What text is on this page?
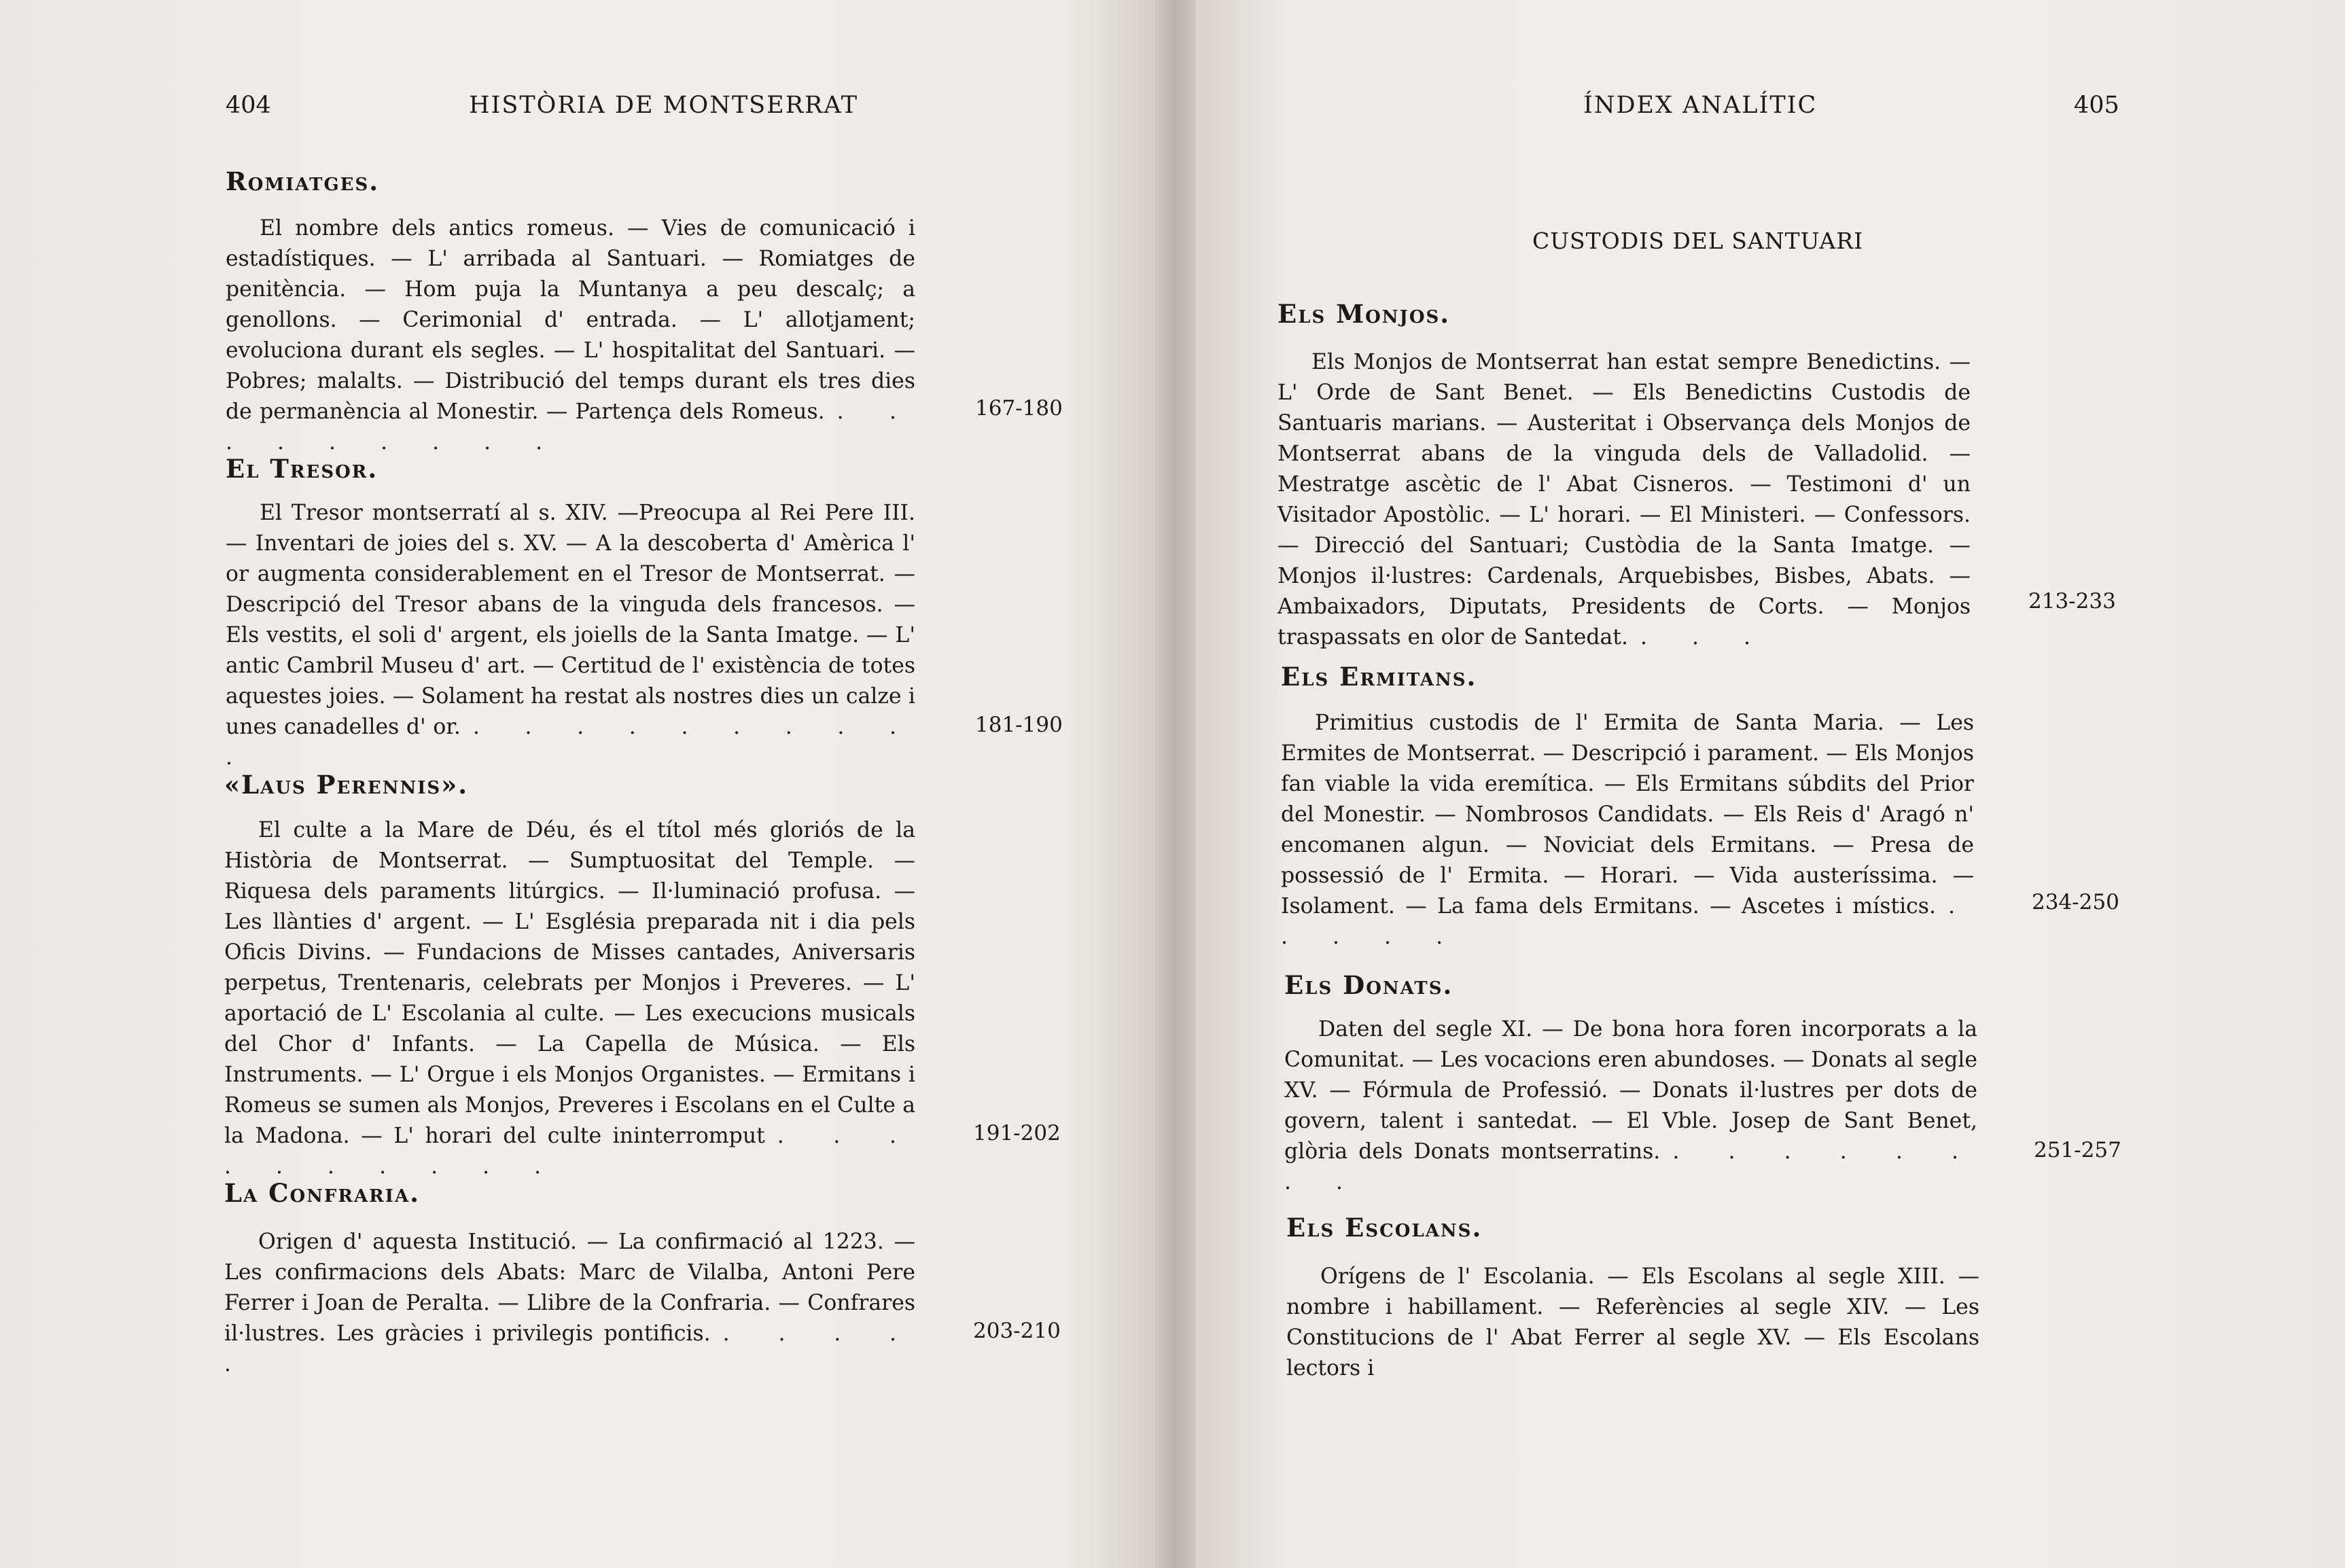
404	HISTÒRIA DE MONTSERRAT
Romiatges.

El nombre dels antics romeus. — Vies de comunicació i estadístiques. — L' arribada al Santuari. — Romiatges de penitència. — Hom puja la Muntanya a peu descalç; a genollons. — Cerimonial d' entrada. — L' allotjament; evoluciona durant els segles. — L' hospitalitat del Santuari. — Pobres; malalts. — Distribució del temps durant els tres dies de permanència al Monestir. — Partença dels Romeus. . . . . . . . . .

167-180
El Tresor.

El Tresor montserratí al s. XIV. —Preocupa al Rei Pere III. — Inventari de joies del s. XV. — A la descoberta d' Amèrica l' or augmenta considerablement en el Tresor de Montserrat. — Descripció del Tresor abans de la vinguda dels francesos. — Els vestits, el soli d' argent, els joiells de la Santa Imatge. — L' antic Cambril Museu d' art. — Certitud de l' existència de totes aquestes joies. — Solament ha restat als nostres dies un calze i unes canadelles d' or. . . . . . . . . . .

181-190
«Laus Perennis».

El culte a la Mare de Déu, és el títol més gloriós de la Història de Montserrat. — Sumptuositat del Temple. — Riquesa dels paraments litúrgics. — Il·luminació profusa. — Les llànties d' argent. — L' Església preparada nit i dia pels Oficis Divins. — Fundacions de Misses cantades, Aniversaris perpetus, Trentenaris, celebrats per Monjos i Preveres. — L' aportació de L' Escolania al culte. — Les execucions musicals del Chor d' Infants. — La Capella de Música. — Els Instruments. — L' Orgue i els Monjos Organistes. — Ermitans i Romeus se sumen als Monjos, Preveres i Escolans en el Culte a la Madona. — L' horari del culte ininterromput . . . . . . . . . .

191-202
La Confraria.

Origen d' aquesta Institució. — La confirmació al 1223. — Les confirmacions dels Abats: Marc de Vilalba, Antoni Pere Ferrer i Joan de Peralta. — Llibre de la Confraria. — Confrares il·lustres. Les gràcies i privilegis pontificis. . . . . .

203-210
ÍNDEX ANALÍTIC	405
CUSTODIS DEL SANTUARI
Els Monjos.

Els Monjos de Montserrat han estat sempre Benedictins. — L' Orde de Sant Benet. — Els Benedictins Custodis de Santuaris marians. — Austeritat i Observança dels Monjos de Montserrat abans de la vinguda dels de Valladolid. — Mestratge ascètic de l' Abat Cisneros. — Testimoni d' un Visitador Apostòlic. — L' horari. — El Ministeri. — Confessors. — Direcció del Santuari; Custòdia de la Santa Imatge. — Monjos il·lustres: Cardenals, Arquebisbes, Bisbes, Abats. — Ambaixadors, Diputats, Presidents de Corts. — Monjos traspassats en olor de Santedat. . . .

213-233
Els Ermitans.

Primitius custodis de l' Ermita de Santa Maria. — Les Ermites de Montserrat. — Descripció i parament. — Els Monjos fan viable la vida eremítica. — Els Ermitans súbdits del Prior del Monestir. — Nombrosos Candidats. — Els Reis d' Aragó n' encomanen algun. — Noviciat dels Ermitans. — Presa de possessió de l' Ermita. — Horari. — Vida austeríssima. — Isolament. — La fama dels Ermitans. — Ascetes i místics. . . . . .

234-250
Els Donats.

Daten del segle XI. — De bona hora foren incorporats a la Comunitat. — Les vocacions eren abundoses. — Donats al segle XV. — Fórmula de Professió. — Donats il·lustres per dots de govern, talent i santedat. — El Vble. Josep de Sant Benet, glòria dels Donats montserratins. . . . . . . . .

251-257
Els Escolans.

Orígens de l' Escolania. — Els Escolans al segle XIII. — nombre i habillament. — Referències al segle XIV. — Les Constitucions de l' Abat Ferrer al segle XV. — Els Escolans lectors i
